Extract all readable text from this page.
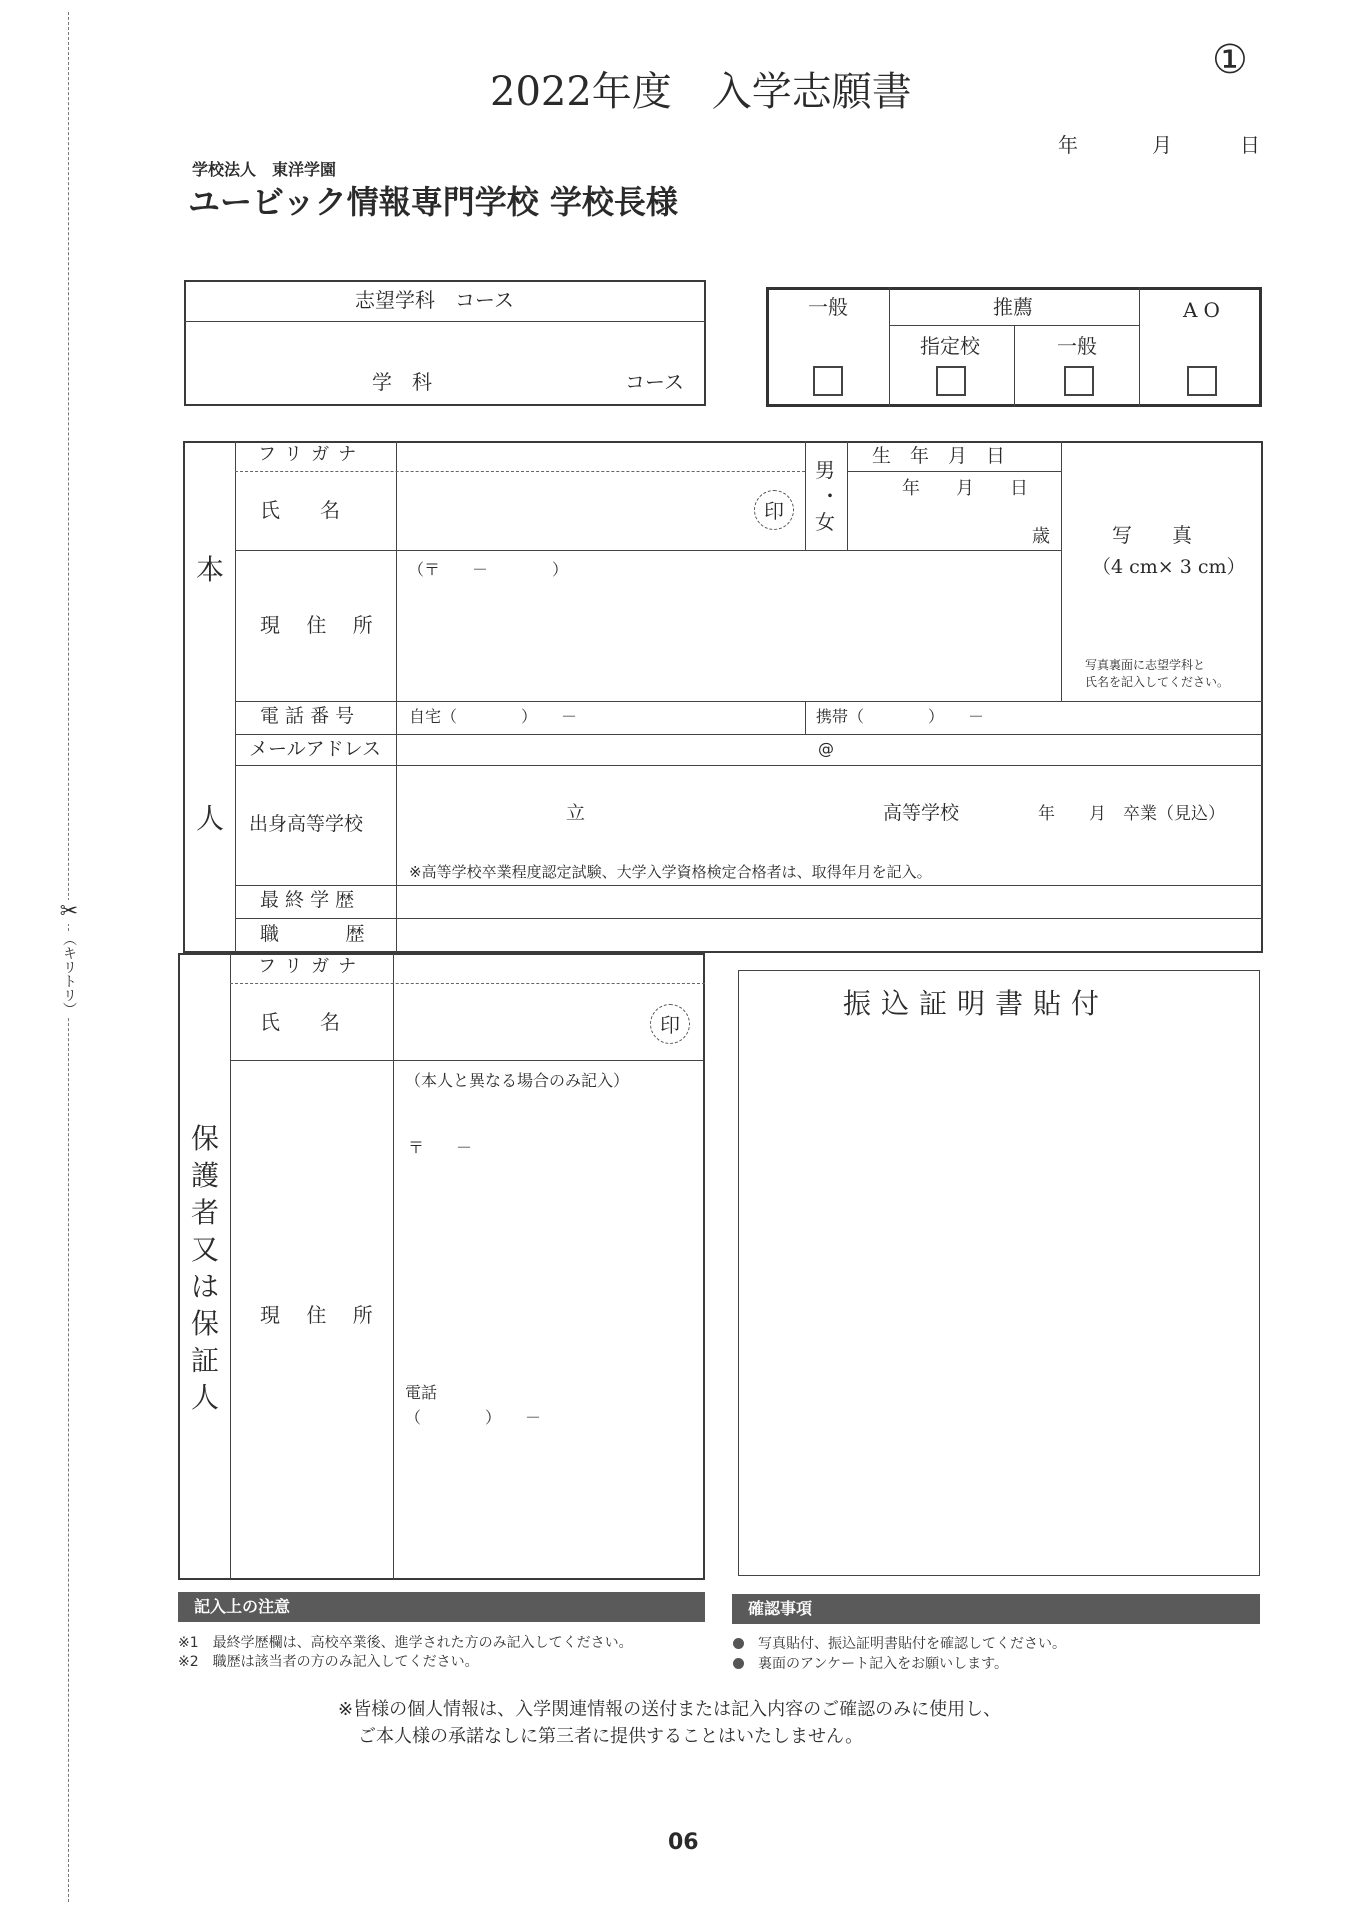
✂
（キリトリ）
2022年度　入学志願書
①
年	月	日
学校法人　東洋学園
ユービック情報専門学校 学校長様
志望学科　コース
学　科	コース
一般	推薦
指定校	一般
AO
本
人
フリガナ
氏　名	印
男
・
女
生　年　月　日
年　　月　　日
歳	写　　真
（4 cm× 3 cm）
写真裏面に志望学科と
氏名を記入してください。
現 住 所
（〒　　－　　　　）
電 話 番 号	自宅（　　　　）　　－	携帯（　　　　）　　－
メールアドレス	@
出身高等学校	立	高等学校	年　　月　卒業（見込）
※高等学校卒業程度認定試験、大学入学資格検定合格者は、取得年月を記入。
最 終 学 歴
職　　歴
保
護
者
又
は
保
証
人
フリガナ
氏　名	印
（本人と異なる場合のみ記入）
〒　　－
現 住 所
電話
（　　　　）　　－
振込証明書貼付
記入上の注意	確認事項
※1　最終学歴欄は、高校卒業後、進学された方のみ記入してください。
※2　職歴は該当者の方のみ記入してください。
写真貼付、振込証明書貼付を確認してください。
裏面のアンケート記入をお願いします。
※皆様の個人情報は、入学関連情報の送付または記入内容のご確認のみに使用し、
ご本人様の承諾なしに第三者に提供することはいたしません。
06
